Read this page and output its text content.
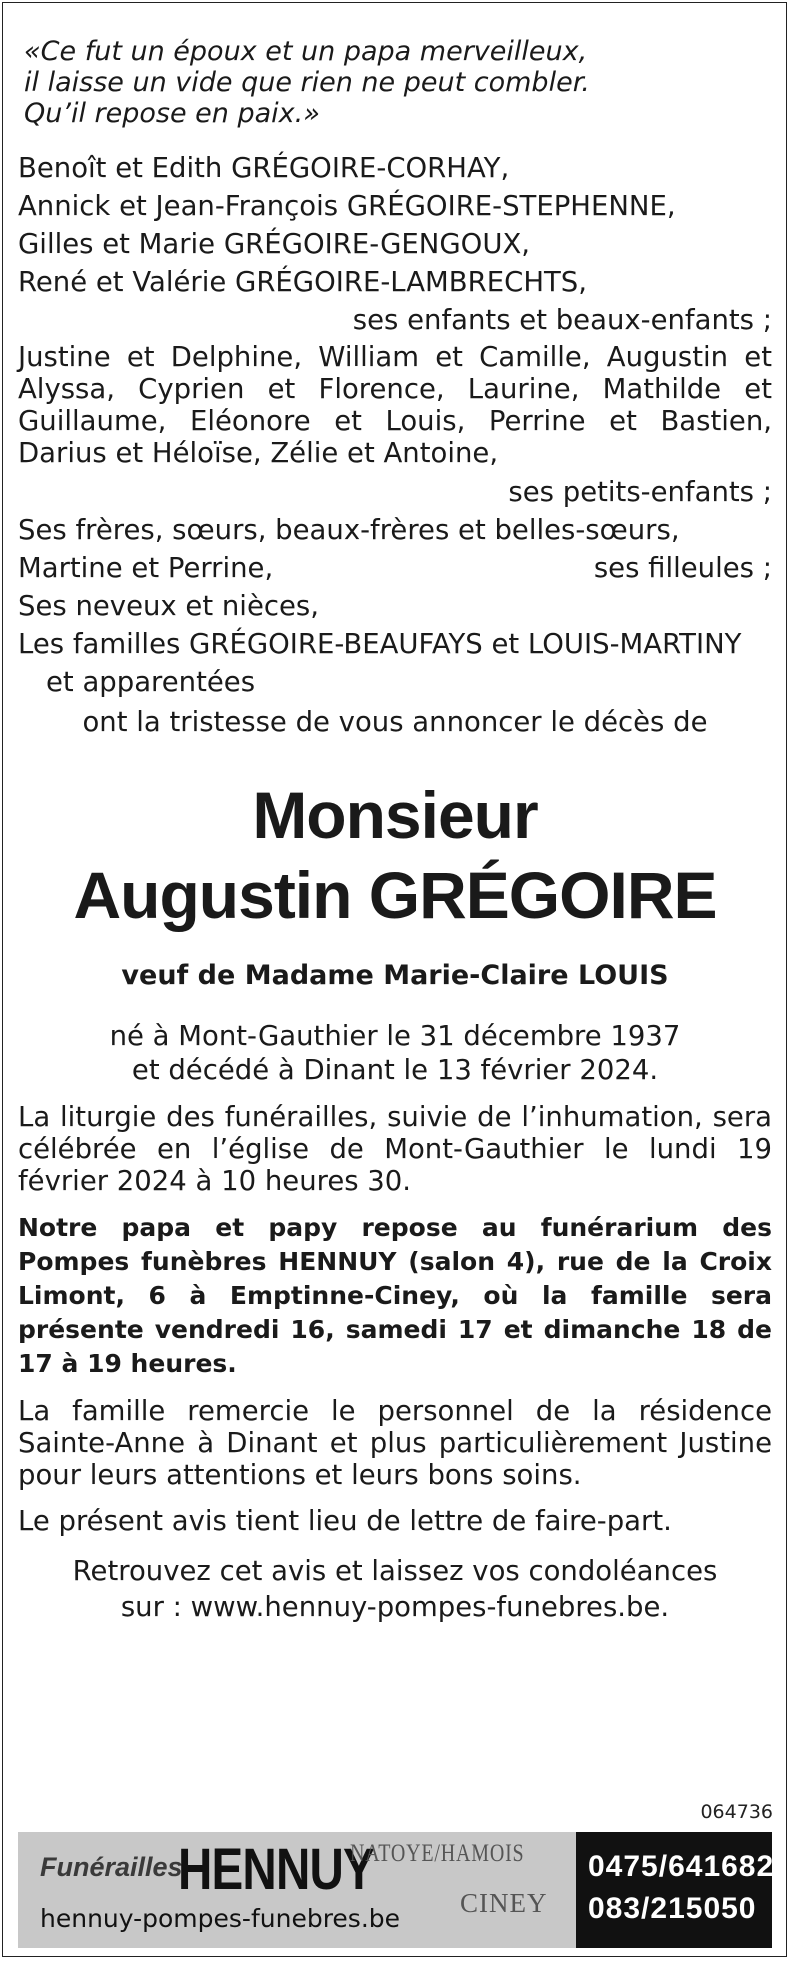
«Ce fut un époux et un papa merveilleux,
il laisse un vide que rien ne peut combler.
Qu’il repose en paix.»
Benoît et Edith GRÉGOIRE-CORHAY,
Annick et Jean-François GRÉGOIRE-STEPHENNE,
Gilles et Marie GRÉGOIRE-GENGOUX,
René et Valérie GRÉGOIRE-LAMBRECHTS,
ses enfants et beaux-enfants ;
Justine et Delphine, William et Camille, Augustin et Alyssa, Cyprien et Florence, Laurine, Mathilde et Guillaume, Eléonore et Louis, Perrine et Bastien, Darius et Héloïse, Zélie et Antoine,
ses petits-enfants ;
Ses frères, sœurs, beaux-frères et belles-sœurs,
Martine et Perrine,	ses filleules ;
Ses neveux et nièces,
Les familles GRÉGOIRE-BEAUFAYS et LOUIS-MARTINY
et apparentées
ont la tristesse de vous annoncer le décès de
Monsieur
Augustin GRÉGOIRE
veuf de Madame Marie-Claire LOUIS
né à Mont-Gauthier le 31 décembre 1937
et décédé à Dinant le 13 février 2024.
La liturgie des funérailles, suivie de l’inhumation, sera célébrée en l’église de Mont-Gauthier le lundi 19 février 2024 à 10 heures 30.
Notre papa et papy repose au funérarium des Pompes funèbres HENNUY (salon 4), rue de la Croix Limont, 6 à Emptinne-Ciney, où la famille sera présente vendredi 16, samedi 17 et dimanche 18 de 17 à 19 heures.
La famille remercie le personnel de la résidence Sainte-Anne à Dinant et plus particulièrement Justine pour leurs attentions et leurs bons soins.
Le présent avis tient lieu de lettre de faire-part.
Retrouvez cet avis et laissez vos condoléances
sur : www.hennuy-pompes-funebres.be.
064736
Funérailles
HENNUY
NATOYE/HAMOIS
CINEY
hennuy-pompes-funebres.be
0475/641682
083/215050
